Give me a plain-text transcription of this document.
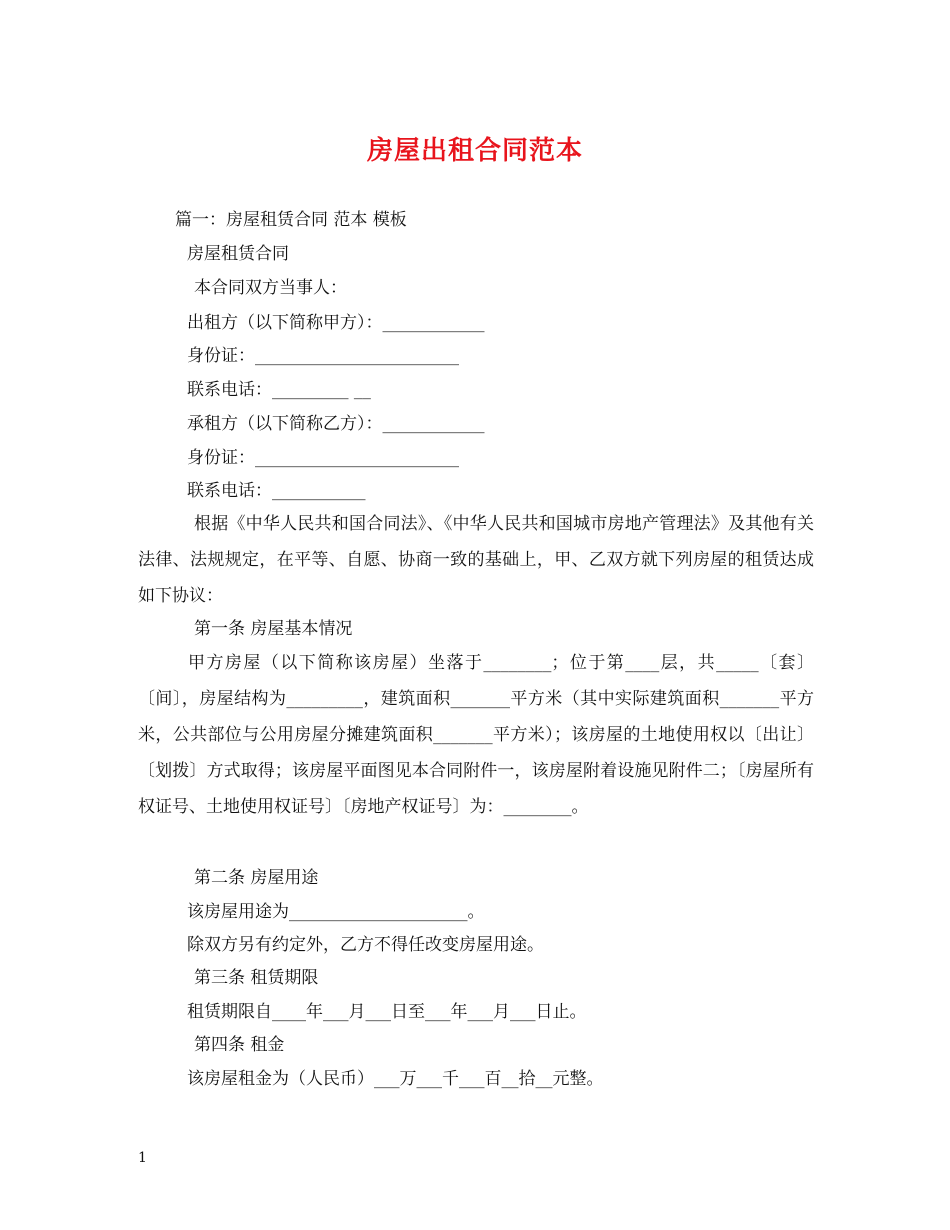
房屋出租合同范本

篇一：房屋租赁合同 范本 模板

房屋租赁合同

本合同双方当事人：

出租方（以下简称甲方）：____________

身份证：________________________

联系电话：_________ __

承租方（以下简称乙方）：____________

身份证：________________________

联系电话：___________

根据《中华人民共和国合同法》、《中华人民共和国城市房地产管理法》及其他有关法律、法规规定，在平等、自愿、协商一致的基础上，甲、乙双方就下列房屋的租赁达成如下协议：

第一条 房屋基本情况

甲方房屋（以下简称该房屋）坐落于________；位于第____层，共_____〔套〕〔间〕，房屋结构为_________，建筑面积_______平方米（其中实际建筑面积_______平方米，公共部位与公用房屋分摊建筑面积_______平方米）；该房屋的土地使用权以〔出让〕〔划拨〕方式取得；该房屋平面图见本合同附件一，该房屋附着设施见附件二；〔房屋所有权证号、土地使用权证号〕〔房地产权证号〕为：________。

第二条 房屋用途

该房屋用途为_____________________。

除双方另有约定外，乙方不得任改变房屋用途。

第三条 租赁期限

租赁期限自____年___月___日至___年___月___日止。

第四条 租金

该房屋租金为（人民币）___万___千___百__拾__元整。

1
